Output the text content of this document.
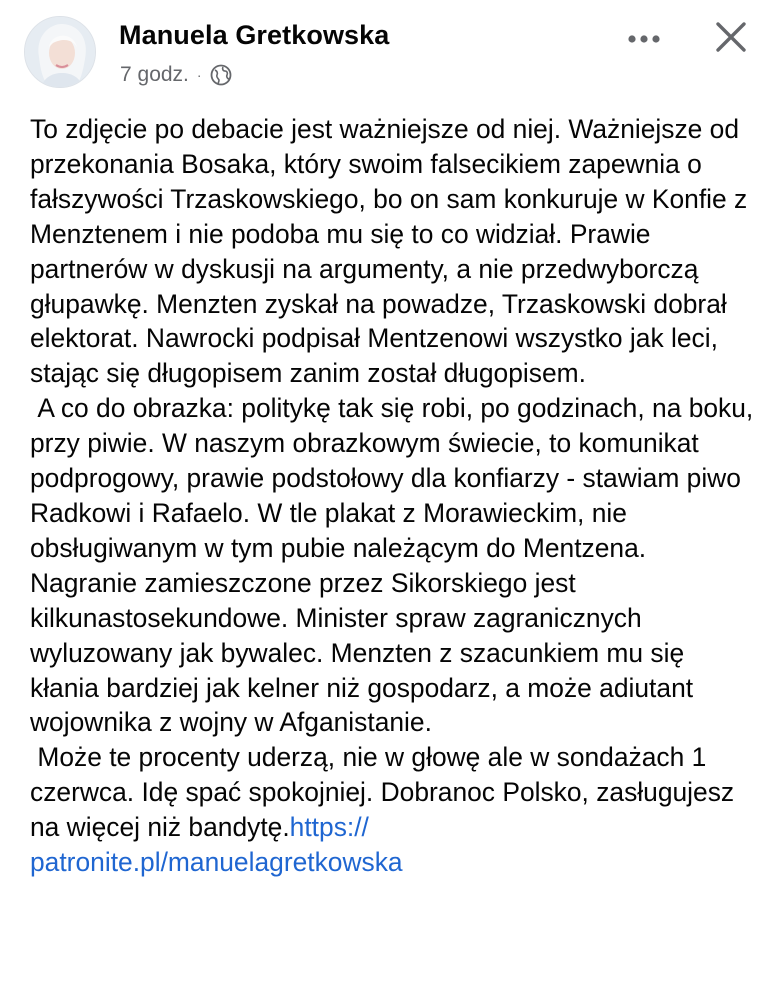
Manuela Gretkowska
7 godz. ·

To zdjęcie po debacie jest ważniejsze od niej. Ważniejsze od przekonania Bosaka, który swoim falsecikiem zapewnia o fałszywości Trzaskowskiego, bo on sam konkuruje w Konfie z Menztenem i nie podoba mu się to co widział. Prawie partnerów w dyskusji na argumenty, a nie przedwyborczą głupawkę. Menzten zyskał na powadze, Trzaskowski dobrał elektorat. Nawrocki podpisał Mentzenowi wszystko jak leci, stając się długopisem zanim został długopisem.

A co do obrazka: politykę tak się robi, po godzinach, na boku, przy piwie. W naszym obrazkowym świecie, to komunikat podprogowy, prawie podstołowy dla konfiarzy - stawiam piwo Radkowi i Rafaelo. W tle plakat z Morawieckim, nie obsługiwanym w tym pubie należącym do Mentzena. Nagranie zamieszczone przez Sikorskiego jest kilkunastosekundowe. Minister spraw zagranicznych wyluzowany jak bywalec. Menzten z szacunkiem mu się kłania bardziej jak kelner niż gospodarz, a może adiutant wojownika z wojny w Afganistanie.

Może te procenty uderzą, nie w głowę ale w sondażach 1 czerwca. Idę spać spokojniej. Dobranoc Polsko, zasługujesz na więcej niż bandytę.https://
patronite.pl/manuelagretkowska
